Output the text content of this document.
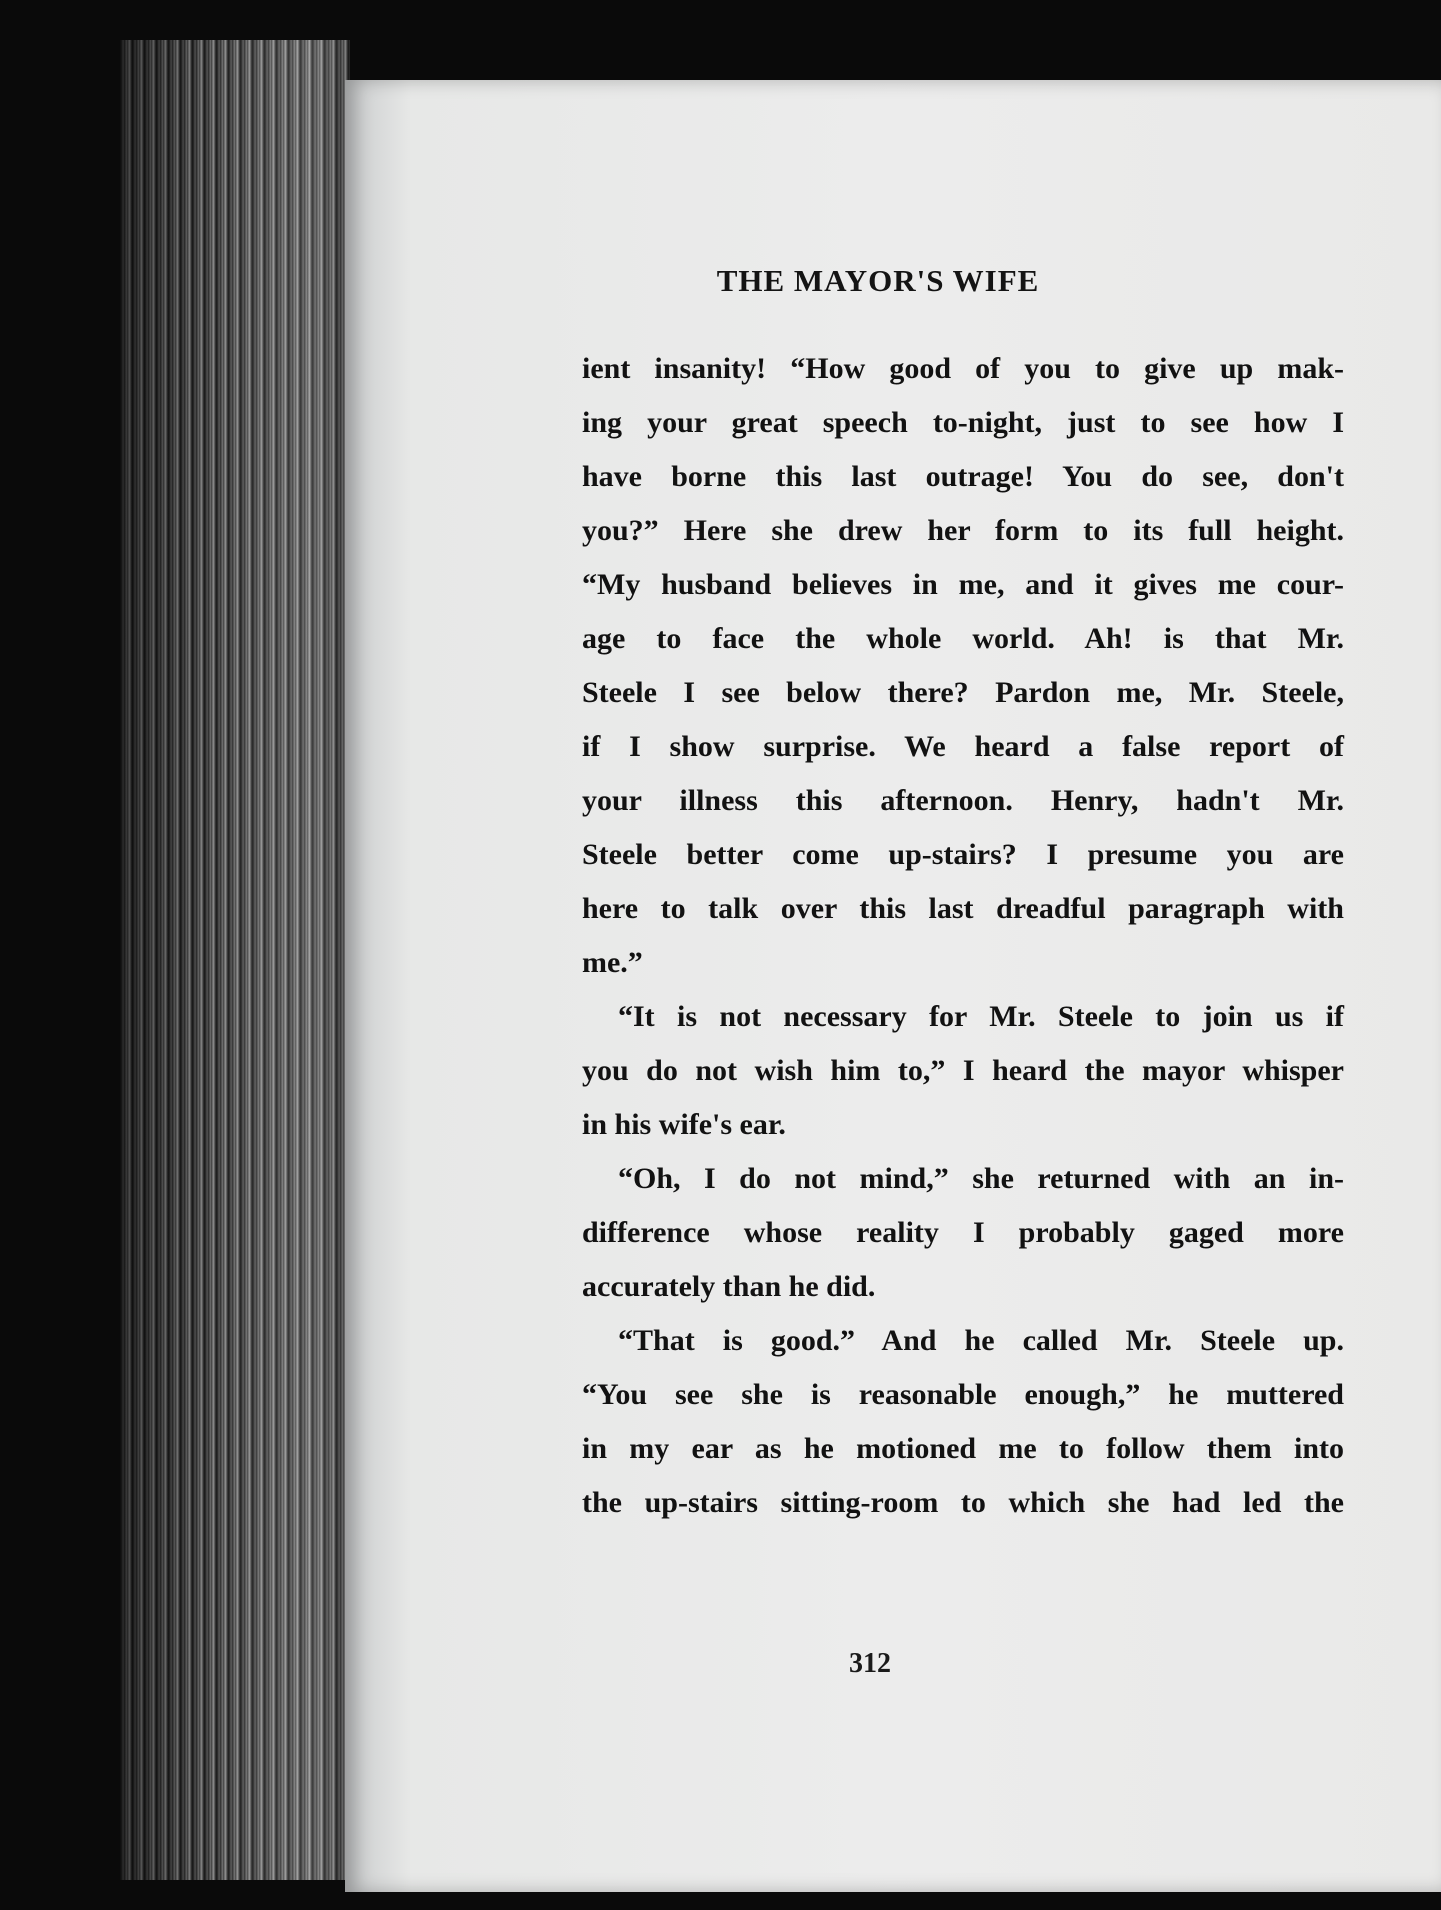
THE MAYOR'S WIFE
ient insanity! “How good of you to give up mak-
ing your great speech to-night, just to see how I
have borne this last outrage! You do see, don't
you?” Here she drew her form to its full height.
“My husband believes in me, and it gives me cour-
age to face the whole world. Ah! is that Mr.
Steele I see below there? Pardon me, Mr. Steele,
if I show surprise. We heard a false report of
your illness this afternoon. Henry, hadn't Mr.
Steele better come up-stairs? I presume you are
here to talk over this last dreadful paragraph with
me.”
“It is not necessary for Mr. Steele to join us if
you do not wish him to,” I heard the mayor whisper
in his wife's ear.
“Oh, I do not mind,” she returned with an in-
difference whose reality I probably gaged more
accurately than he did.
“That is good.” And he called Mr. Steele up.
“You see she is reasonable enough,” he muttered
in my ear as he motioned me to follow them into
the up-stairs sitting-room to which she had led the
312
